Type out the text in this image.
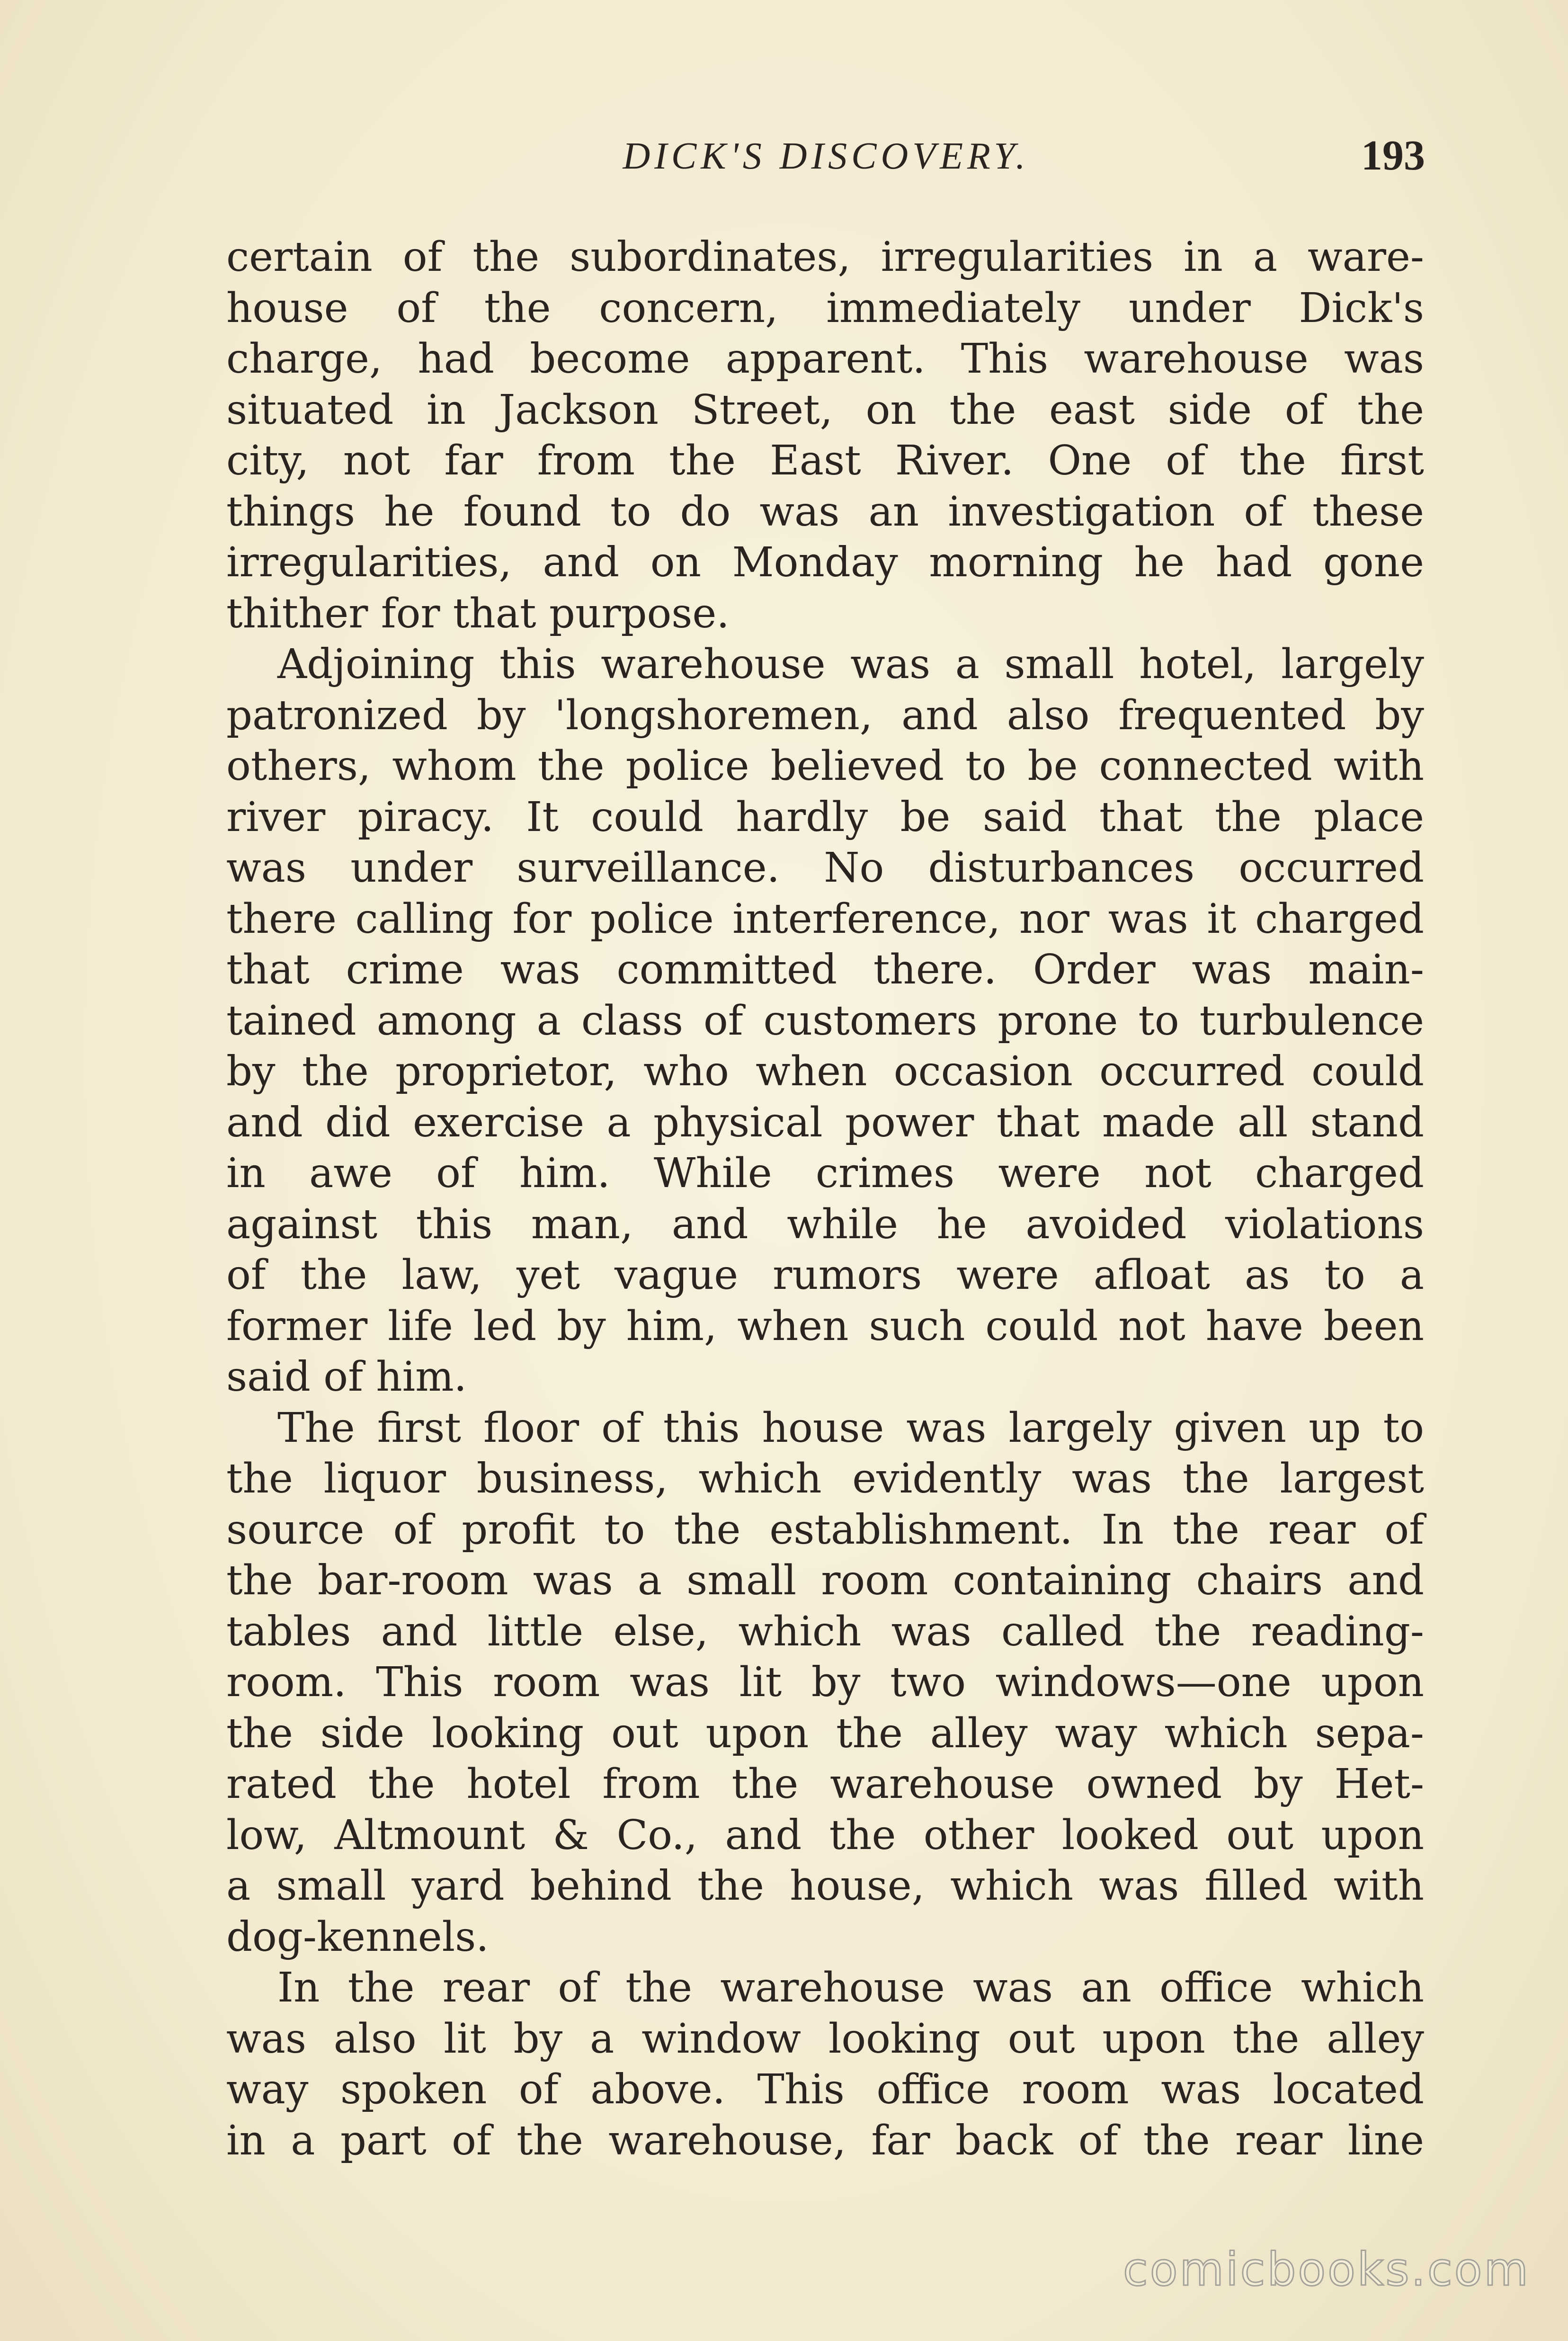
DICK'S DISCOVERY.	193
certain of the subordinates, irregularities in a ware-
house of the concern, immediately under Dick's
charge, had become apparent. This warehouse was
situated in Jackson Street, on the east side of the
city, not far from the East River. One of the first
things he found to do was an investigation of these
irregularities, and on Monday morning he had gone
thither for that purpose.
Adjoining this warehouse was a small hotel, largely
patronized by 'longshoremen, and also frequented by
others, whom the police believed to be connected with
river piracy. It could hardly be said that the place
was under surveillance. No disturbances occurred
there calling for police interference, nor was it charged
that crime was committed there. Order was main-
tained among a class of customers prone to turbulence
by the proprietor, who when occasion occurred could
and did exercise a physical power that made all stand
in awe of him. While crimes were not charged
against this man, and while he avoided violations
of the law, yet vague rumors were afloat as to a
former life led by him, when such could not have been
said of him.
The first floor of this house was largely given up to
the liquor business, which evidently was the largest
source of profit to the establishment. In the rear of
the bar-room was a small room containing chairs and
tables and little else, which was called the reading-
room. This room was lit by two windows—one upon
the side looking out upon the alley way which sepa-
rated the hotel from the warehouse owned by Het-
low, Altmount & Co., and the other looked out upon
a small yard behind the house, which was filled with
dog-kennels.
In the rear of the warehouse was an office which
was also lit by a window looking out upon the alley
way spoken of above. This office room was located
in a part of the warehouse, far back of the rear line
comicbooks.com
